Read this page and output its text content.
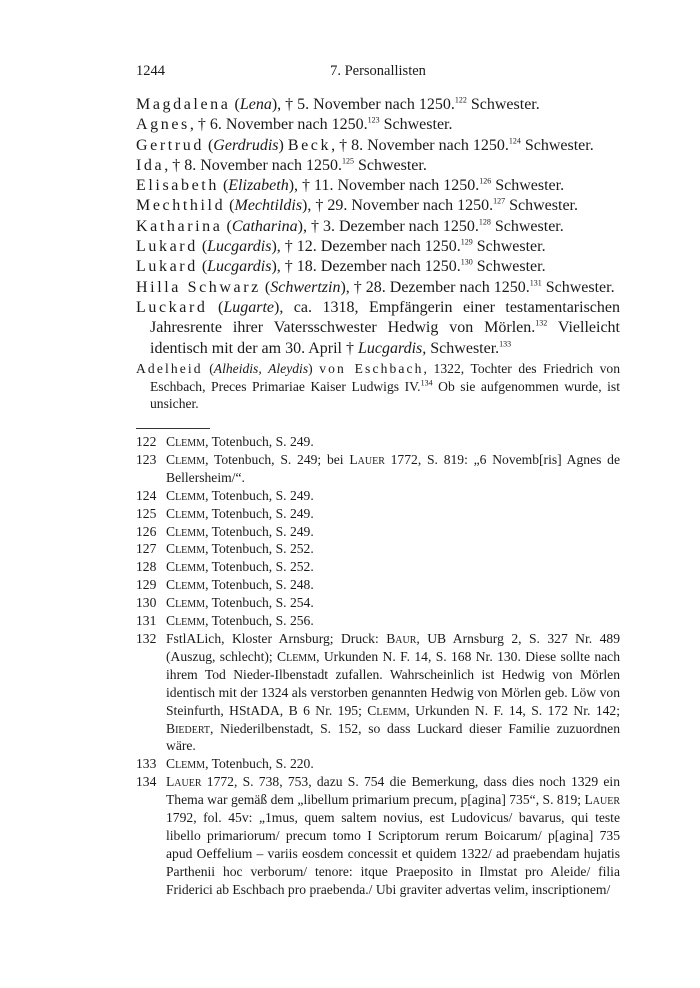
1244	7. Personallisten
Magdalena (Lena), † 5. November nach 1250.$^{122}$ Schwester.
Agnes, † 6. November nach 1250.$^{123}$ Schwester.
Gertrud (Gerdrudis) Beck, † 8. November nach 1250.$^{124}$ Schwester.
Ida, † 8. November nach 1250.$^{125}$ Schwester.
Elisabeth (Elizabeth), † 11. November nach 1250.$^{126}$ Schwester.
Mechthild (Mechtildis), † 29. November nach 1250.$^{127}$ Schwester.
Katharina (Catharina), † 3. Dezember nach 1250.$^{128}$ Schwester.
Lukard (Lucgardis), † 12. Dezember nach 1250.$^{129}$ Schwester.
Lukard (Lucgardis), † 18. Dezember nach 1250.$^{130}$ Schwester.
Hilla Schwarz (Schwertzin), † 28. Dezember nach 1250.$^{131}$ Schwester.
Luckard (Lugarte), ca. 1318, Empfängerin einer testamentarischen Jahresrente ihrer Vatersschwester Hedwig von Mörlen.$^{132}$ Vielleicht identisch mit der am 30. April † Lucgardis, Schwester.$^{133}$
Adelheid (Alheidis, Aleydis) von Eschbach, 1322, Tochter des Friedrich von Eschbach, Preces Primariae Kaiser Ludwigs IV.$^{134}$ Ob sie aufgenommen wurde, ist unsicher.
122 Clemm, Totenbuch, S. 249.
123 Clemm, Totenbuch, S. 249; bei Lauer 1772, S. 819: „6 Novemb[ris] Agnes de Bellersheim/“.
124 Clemm, Totenbuch, S. 249.
125 Clemm, Totenbuch, S. 249.
126 Clemm, Totenbuch, S. 249.
127 Clemm, Totenbuch, S. 252.
128 Clemm, Totenbuch, S. 252.
129 Clemm, Totenbuch, S. 248.
130 Clemm, Totenbuch, S. 254.
131 Clemm, Totenbuch, S. 256.
132 FstlALich, Kloster Arnsburg; Druck: Baur, UB Arnsburg 2, S. 327 Nr. 489 (Auszug, schlecht); Clemm, Urkunden N. F. 14, S. 168 Nr. 130. Diese sollte nach ihrem Tod Nieder-Ilbenstadt zufallen. Wahrscheinlich ist Hedwig von Mörlen identisch mit der 1324 als verstorben genannten Hedwig von Mörlen geb. Löw von Steinfurth, HStADA, B 6 Nr. 195; Clemm, Urkunden N. F. 14, S. 172 Nr. 142; Biedert, Niederilbenstadt, S. 152, so dass Luckard dieser Familie zuzuordnen wäre.
133 Clemm, Totenbuch, S. 220.
134 Lauer 1772, S. 738, 753, dazu S. 754 die Bemerkung, dass dies noch 1329 ein Thema war gemäß dem „libellum primarium precum, p[agina] 735“, S. 819; Lauer 1792, fol. 45v: „1mus, quem saltem novius, est Ludovicus/ bavarus, qui teste libello primariorum/ precum tomo I Scriptorum rerum Boicarum/ p[agina] 735 apud Oeffelium – variis eosdem concessit et quidem 1322/ ad praebendam hujatis Parthenii hoc verborum/ tenore: itque Praeposito in Ilmstat pro Aleide/ filia Friderici ab Eschbach pro praebenda./ Ubi graviter advertas velim, inscriptionem/
